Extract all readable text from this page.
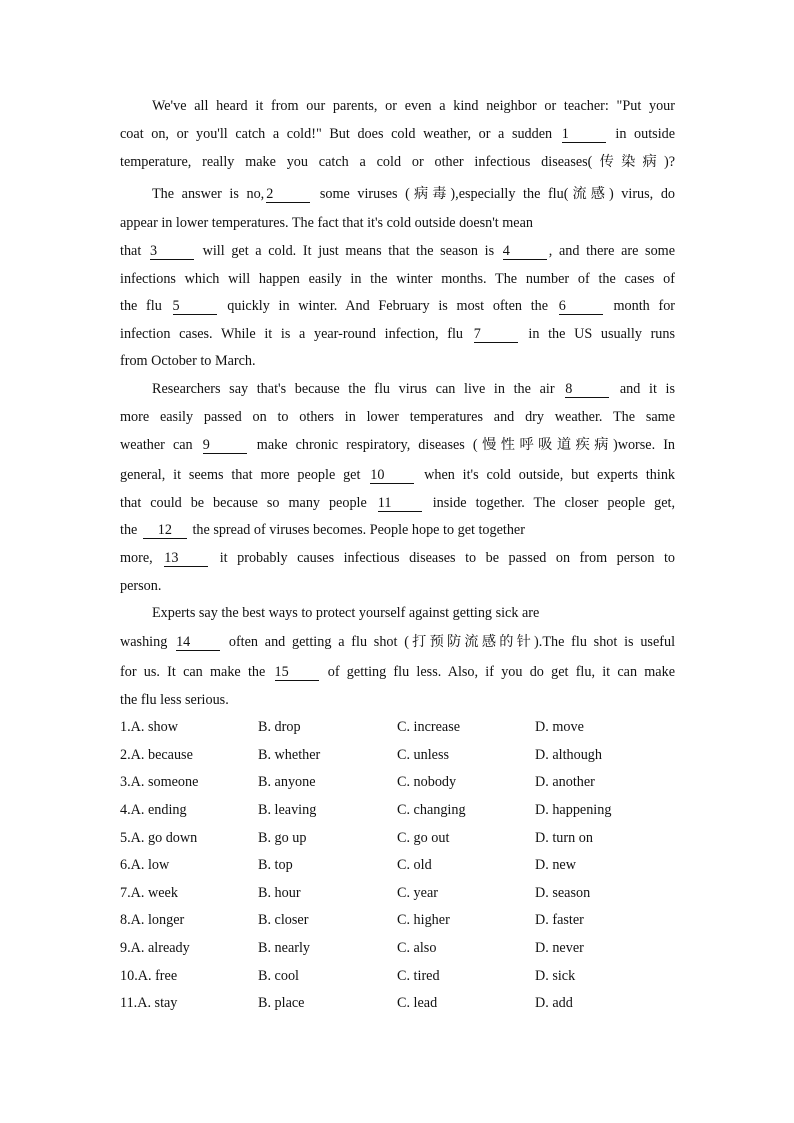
We've all heard it from our parents, or even a kind neighbor or teacher: "Put your
coat on, or you'll catch a cold!" But does cold weather, or a sudden 1	in outside
temperature, really make you catch a cold or other infectious diseases(传染病)?
The answer is no, 2	some viruses (病毒),especially the flu(流感) virus, do
appear in lower temperatures. The fact that it's cold outside doesn't mean
that 3	will get a cold. It just means that the season is 4	, and there are some
infections which will happen easily in the winter months. The number of the cases of
the flu 5	quickly in winter. And February is most often the 6	month for
infection cases. While it is a year-round infection, flu 7	in the US usually runs
from October to March.
Researchers say that's because the flu virus can live in the air 8	and it is
more easily passed on to others in lower temperatures and dry weather. The same
weather can 9	make chronic respiratory, diseases (慢性呼吸道疾病)worse. In
general, it seems that more people get 10	when it's cold outside, but experts think
that could be because so many people 11	inside together. The closer people get,
the 12 the spread of viruses becomes. People hope to get together
more, 13	it probably causes infectious diseases to be passed on from person to
person.
Experts say the best ways to protect yourself against getting sick are
washing 14	often and getting a flu shot (打预防流感的针).The flu shot is useful
for us. It can make the 15	of getting flu less. Also, if you do get flu, it can make
the flu less serious.
1.A. show	B. drop	C. increase	D. move
2.A. because	B. whether	C. unless	D. although
3.A. someone	B. anyone	C. nobody	D. another
4.A. ending	B. leaving	C. changing	D. happening
5.A. go down	B. go up	C. go out	D. turn on
6.A. low	B. top	C. old	D. new
7.A. week	B. hour	C. year	D. season
8.A. longer	B. closer	C. higher	D. faster
9.A. already	B. nearly	C. also	D. never
10.A. free	B. cool	C. tired	D. sick
11.A. stay	B. place	C. lead	D. add
